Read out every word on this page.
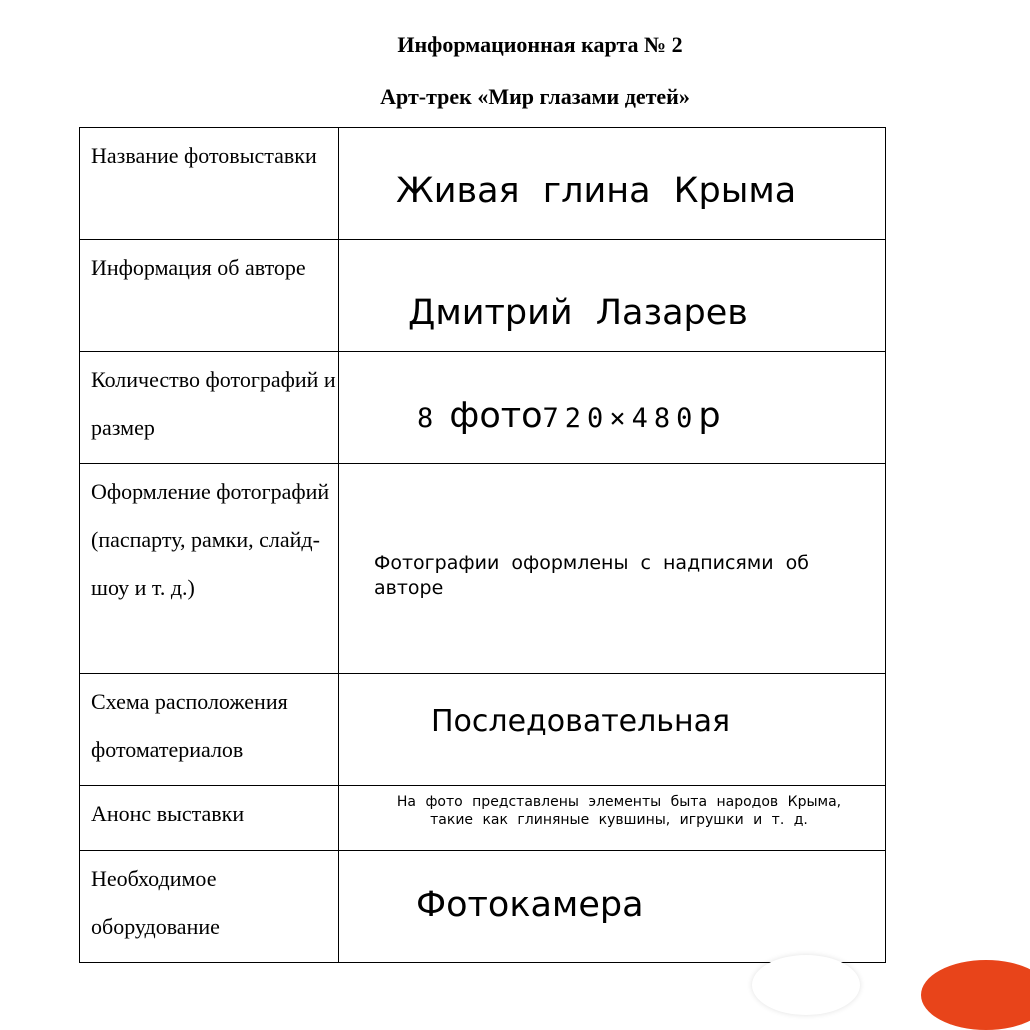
Информационная карта № 2
Арт-трек «Мир глазами детей»
Название фотовыставки	Живая глина Крыма

Информация об автоpe	Дмитрий Лазарев

Количество фотографий и размер	8 фото720×480р

Оформление фотографий (паспарту, рамки, слайд-шоу и т. д.)	Фотографии оформлены с надписями об авторе

Схема расположения фотоматериалов	Последовательная

Анонс выставки	На фото представлены элементы быта народов Крыма, такие как глиняные кувшины, игрушки и т. д.

Необходимое оборудование	Фотокамера
